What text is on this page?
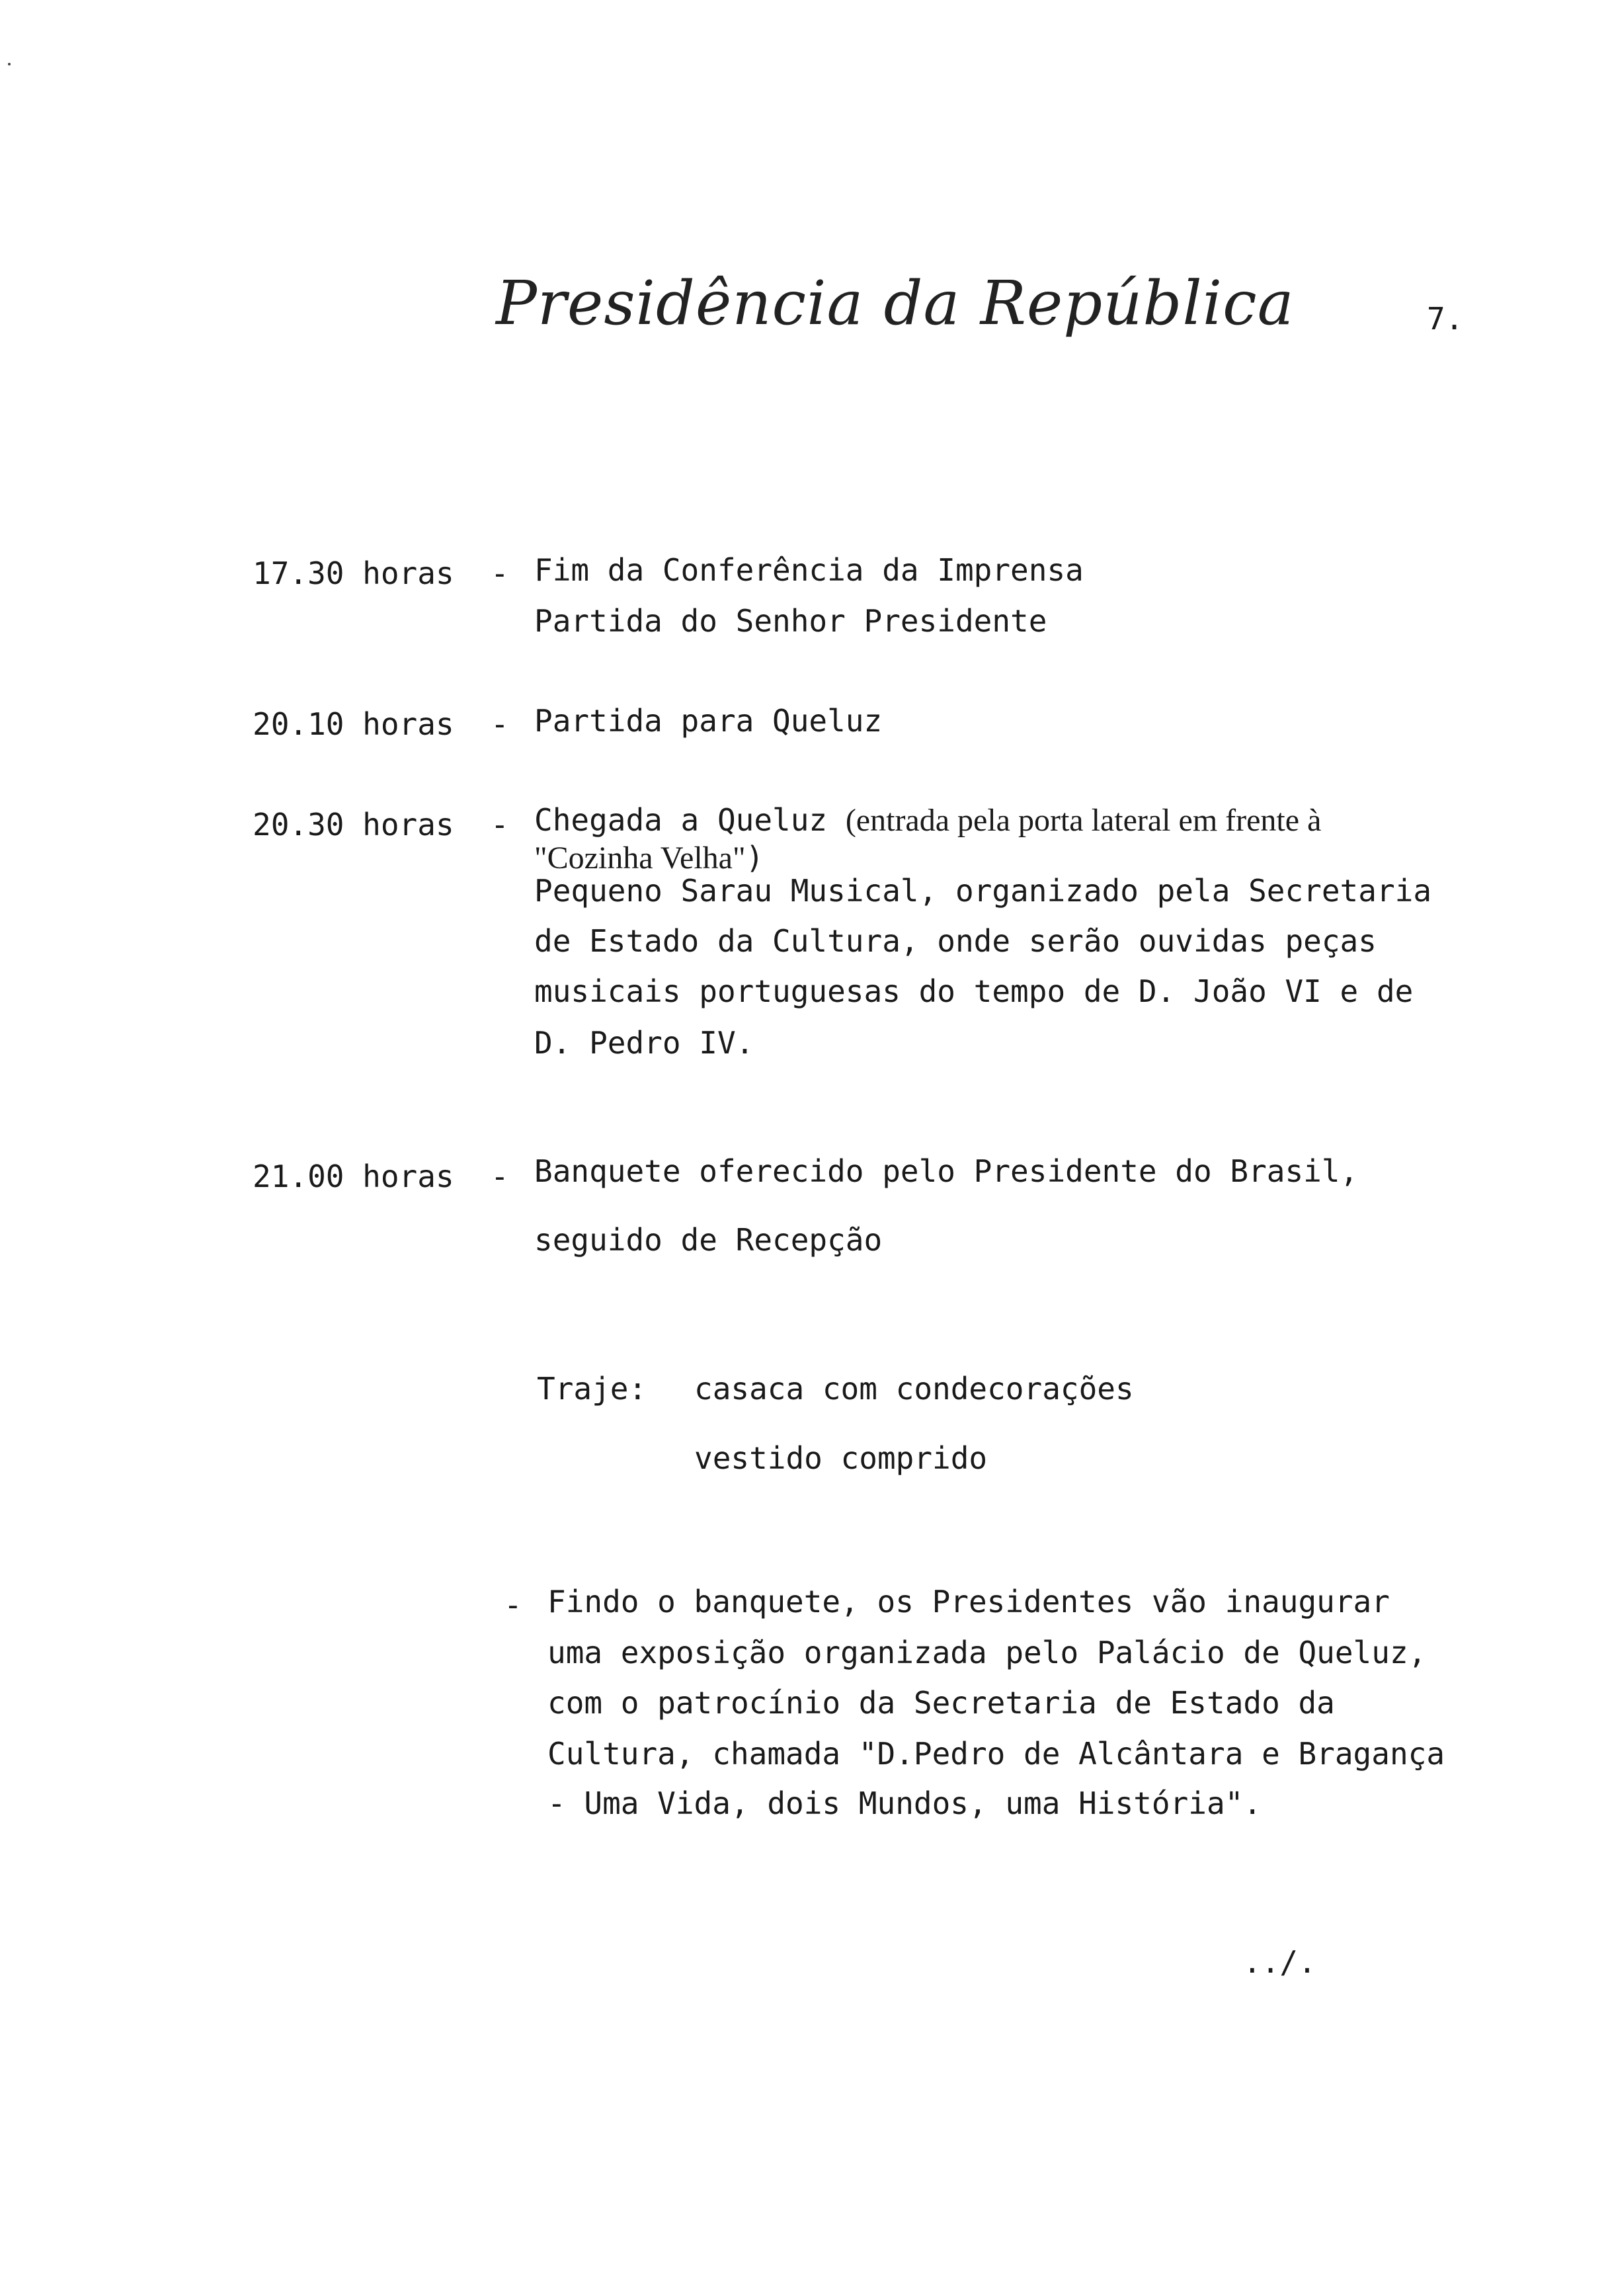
Presidência da República	7.
17.30 horas - Fim da Conferência da Imprensa
Partida do Senhor Presidente
20.10 horas - Partida para Queluz
20.30 horas - Chegada a Queluz (entrada pela porta lateral em frente à
"Cozinha Velha")
Pequeno Sarau Musical, organizado pela Secretaria
de Estado da Cultura, onde serão ouvidas peças
musicais portuguesas do tempo de D. João VI e de
D. Pedro IV.
21.00 horas - Banquete oferecido pelo Presidente do Brasil,
seguido de Recepção
Traje: casaca com condecorações
vestido comprido
- Findo o banquete, os Presidentes vão inaugurar
uma exposição organizada pelo Palácio de Queluz,
com o patrocínio da Secretaria de Estado da
Cultura, chamada "D.Pedro de Alcântara e Bragança
- Uma Vida, dois Mundos, uma História".
../.
